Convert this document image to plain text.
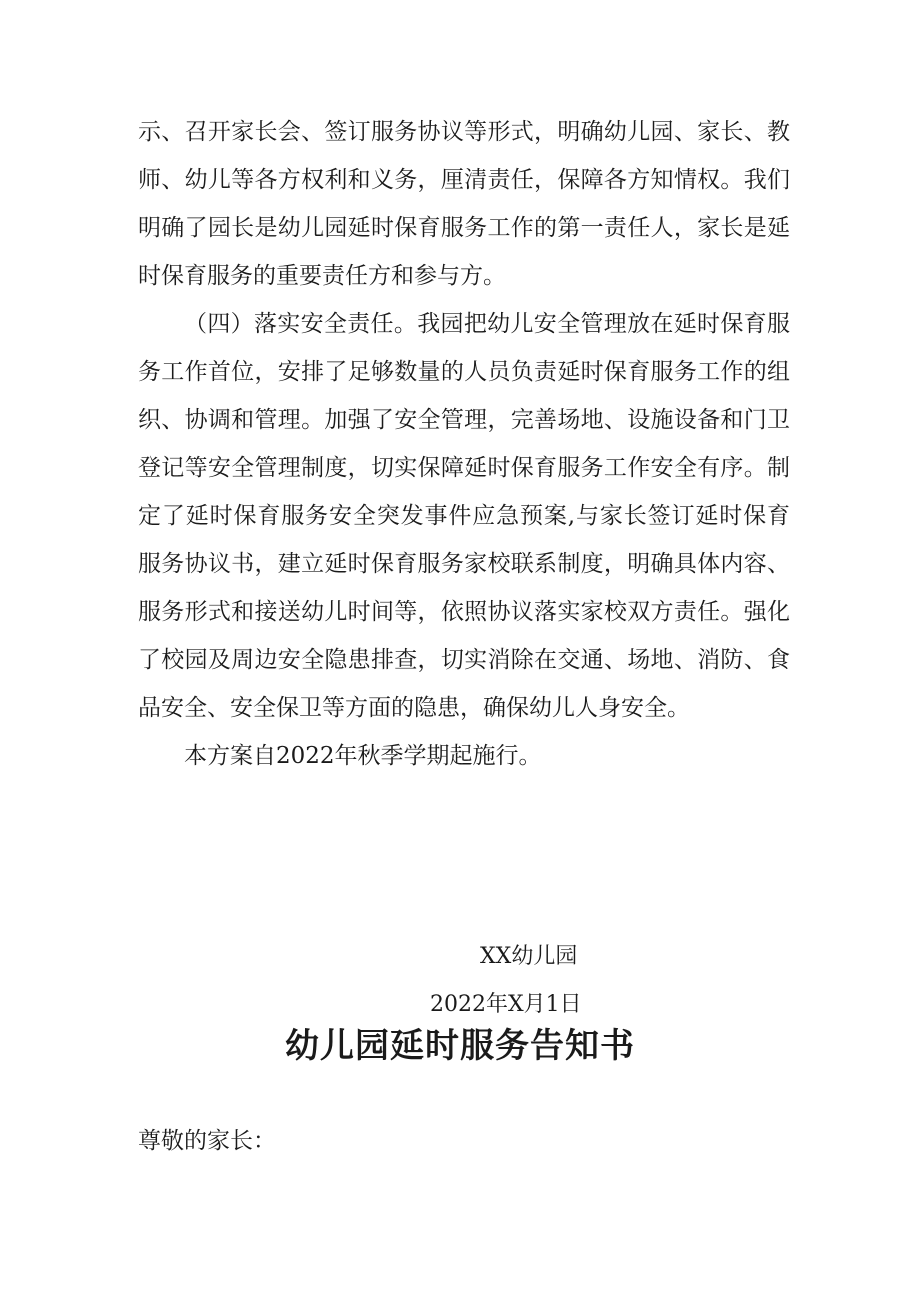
示、召开家长会、签订服务协议等形式，明确幼儿园、家长、教
师、幼儿等各方权利和义务，厘清责任，保障各方知情权。我们
明确了园长是幼儿园延时保育服务工作的第一责任人，家长是延
时保育服务的重要责任方和参与方。
（四）落实安全责任。我园把幼儿安全管理放在延时保育服
务工作首位，安排了足够数量的人员负责延时保育服务工作的组
织、协调和管理。加强了安全管理，完善场地、设施设备和门卫
登记等安全管理制度，切实保障延时保育服务工作安全有序。制
定了延时保育服务安全突发事件应急预案,与家长签订延时保育
服务协议书，建立延时保育服务家校联系制度，明确具体内容、
服务形式和接送幼儿时间等，依照协议落实家校双方责任。强化
了校园及周边安全隐患排查，切实消除在交通、场地、消防、食
品安全、安全保卫等方面的隐患，确保幼儿人身安全。
本方案自2022年秋季学期起施行。
XX幼儿园
2022年X月1日
幼儿园延时服务告知书
尊敬的家长：
